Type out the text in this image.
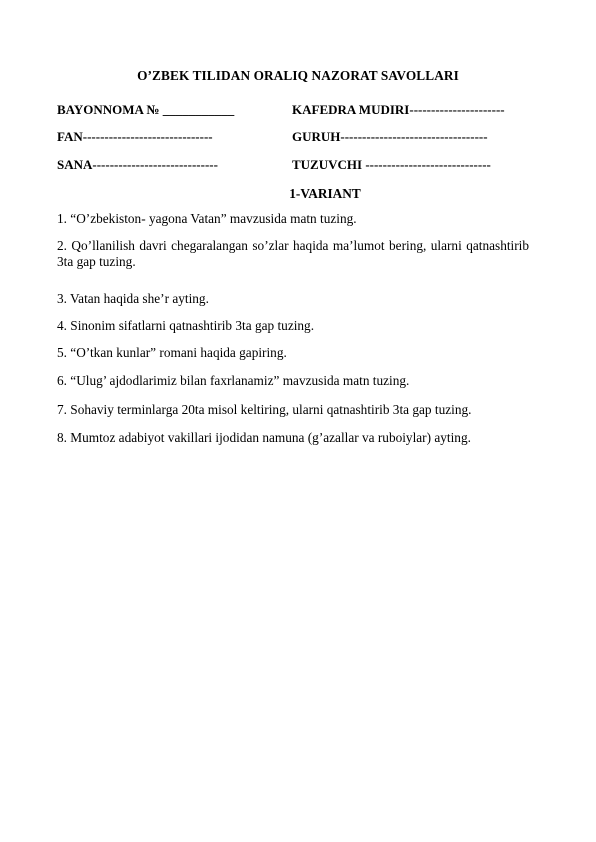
O’ZBEK TILIDAN ORALIQ NAZORAT SAVOLLARI
BAYONNOMA № ___________	KAFEDRA MUDIRI----------------------
FAN------------------------------	GURUH----------------------------------
SANA-----------------------------	TUZUVCHI -----------------------------
1-VARIANT
1. “O’zbekiston- yagona Vatan” mavzusida matn tuzing.
2. Qo’llanilish davri chegaralangan so’zlar haqida ma’lumot bering, ularni qatnashtirib 3ta gap tuzing.
3. Vatan haqida she’r ayting.
4. Sinonim sifatlarni qatnashtirib 3ta gap tuzing.
5. “O’tkan kunlar” romani haqida gapiring.
6. “Ulug’ ajdodlarimiz bilan faxrlanamiz” mavzusida matn tuzing.
7. Sohaviy terminlarga 20ta misol keltiring, ularni qatnashtirib 3ta gap tuzing.
8. Mumtoz adabiyot vakillari ijodidan namuna (g’azallar va ruboiylar) ayting.
